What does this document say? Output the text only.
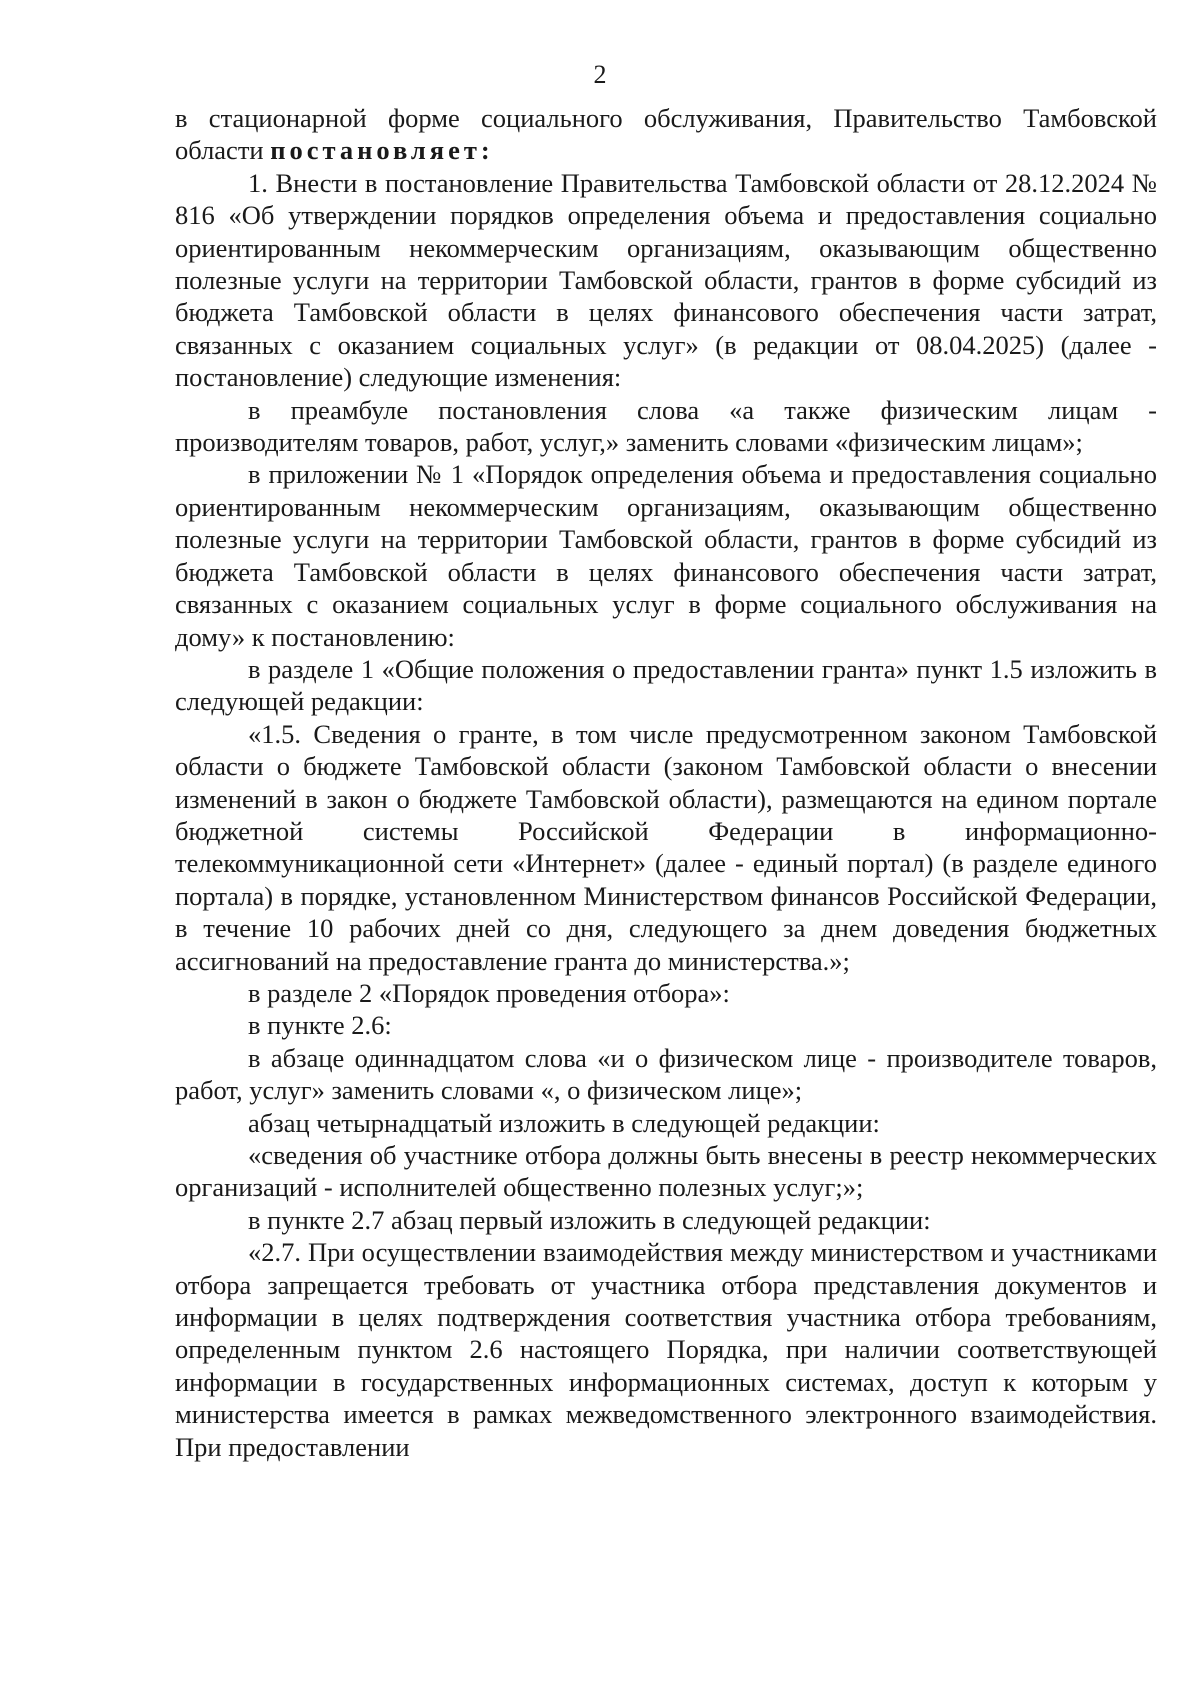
2

в стационарной форме социального обслуживания, Правительство Тамбовской области постановляет:

1. Внести в постановление Правительства Тамбовской области от 28.12.2024 № 816 «Об утверждении порядков определения объема и предоставления социально ориентированным некоммерческим организациям, оказывающим общественно полезные услуги на территории Тамбовской области, грантов в форме субсидий из бюджета Тамбовской области в целях финансового обеспечения части затрат, связанных с оказанием социальных услуг» (в редакции от 08.04.2025) (далее - постановление) следующие изменения:

в преамбуле постановления слова «а также физическим лицам - производителям товаров, работ, услуг,» заменить словами «физическим лицам»;

в приложении № 1 «Порядок определения объема и предоставления социально ориентированным некоммерческим организациям, оказывающим общественно полезные услуги на территории Тамбовской области, грантов в форме субсидий из бюджета Тамбовской области в целях финансового обеспечения части затрат, связанных с оказанием социальных услуг в форме социального обслуживания на дому» к постановлению:

в разделе 1 «Общие положения о предоставлении гранта» пункт 1.5 изложить в следующей редакции:

«1.5. Сведения о гранте, в том числе предусмотренном законом Тамбовской области о бюджете Тамбовской области (законом Тамбовской области о внесении изменений в закон о бюджете Тамбовской области), размещаются на едином портале бюджетной системы Российской Федерации в информационно-телекоммуникационной сети «Интернет» (далее - единый портал) (в разделе единого портала) в порядке, установленном Министерством финансов Российской Федерации, в течение 10 рабочих дней со дня, следующего за днем доведения бюджетных ассигнований на предоставление гранта до министерства.»;

в разделе 2 «Порядок проведения отбора»:

в пункте 2.6:

в абзаце одиннадцатом слова «и о физическом лице - производителе товаров, работ, услуг» заменить словами «, о физическом лице»;

абзац четырнадцатый изложить в следующей редакции:

«сведения об участнике отбора должны быть внесены в реестр некоммерческих организаций - исполнителей общественно полезных услуг;»;

в пункте 2.7 абзац первый изложить в следующей редакции:

«2.7. При осуществлении взаимодействия между министерством и участниками отбора запрещается требовать от участника отбора представления документов и информации в целях подтверждения соответствия участника отбора требованиям, определенным пунктом 2.6 настоящего Порядка, при наличии соответствующей информации в государственных информационных системах, доступ к которым у министерства имеется в рамках межведомственного электронного взаимодействия. При предоставлении
